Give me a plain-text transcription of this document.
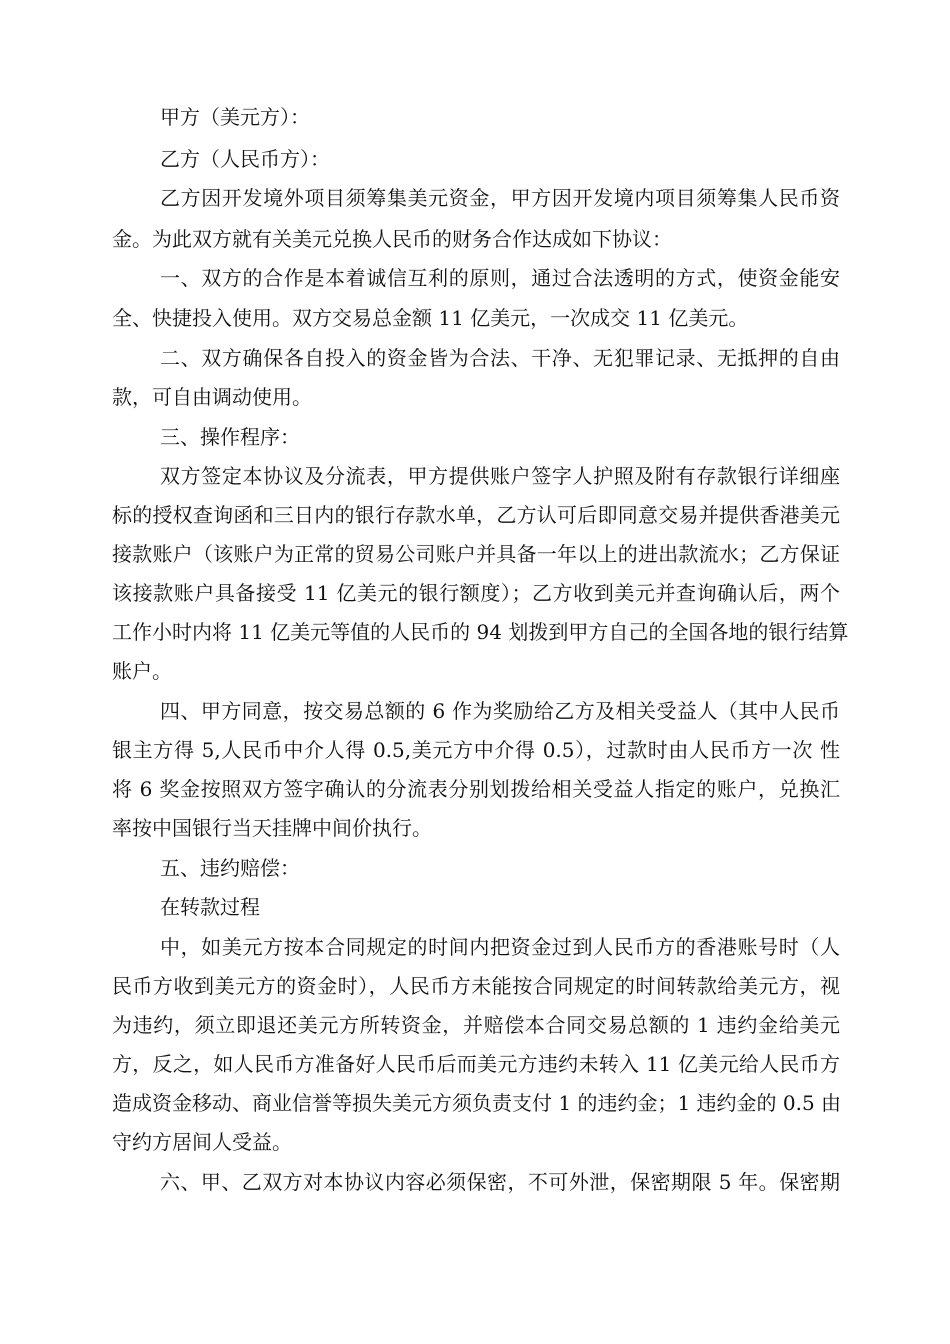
甲方（美元方）：
乙方（人民币方）：
乙方因开发境外项目须筹集美元资金，甲方因开发境内项目须筹集人民币资
金。为此双方就有关美元兑换人民币的财务合作达成如下协议：
一、双方的合作是本着诚信互利的原则，通过合法透明的方式，使资金能安
全、快捷投入使用。双方交易总金额 11 亿美元，一次成交 11 亿美元。
二、双方确保各自投入的资金皆为合法、干净、无犯罪记录、无抵押的自由
款，可自由调动使用。
三、操作程序：
双方签定本协议及分流表，甲方提供账户签字人护照及附有存款银行详细座
标的授权查询函和三日内的银行存款水单，乙方认可后即同意交易并提供香港美元
接款账户（该账户为正常的贸易公司账户并具备一年以上的进出款流水；乙方保证
该接款账户具备接受 11 亿美元的银行额度）；乙方收到美元并查询确认后，两个
工作小时内将 11 亿美元等值的人民币的 94 划拨到甲方自己的全国各地的银行结算
账户。
四、甲方同意，按交易总额的 6 作为奖励给乙方及相关受益人（其中人民币
银主方得 5,人民币中介人得 0.5,美元方中介得 0.5），过款时由人民币方一次 性
将 6 奖金按照双方签字确认的分流表分别划拨给相关受益人指定的账户，兑换汇
率按中国银行当天挂牌中间价执行。
五、违约赔偿：
在转款过程
中，如美元方按本合同规定的时间内把资金过到人民币方的香港账号时（人
民币方收到美元方的资金时），人民币方未能按合同规定的时间转款给美元方，视
为违约，须立即退还美元方所转资金，并赔偿本合同交易总额的 1 违约金给美元
方，反之，如人民币方准备好人民币后而美元方违约未转入 11 亿美元给人民币方
造成资金移动、商业信誉等损失美元方须负责支付 1 的违约金；1 违约金的 0.5 由
守约方居间人受益。
六、甲、乙双方对本协议内容必须保密，不可外泄，保密期限 5 年。保密期
